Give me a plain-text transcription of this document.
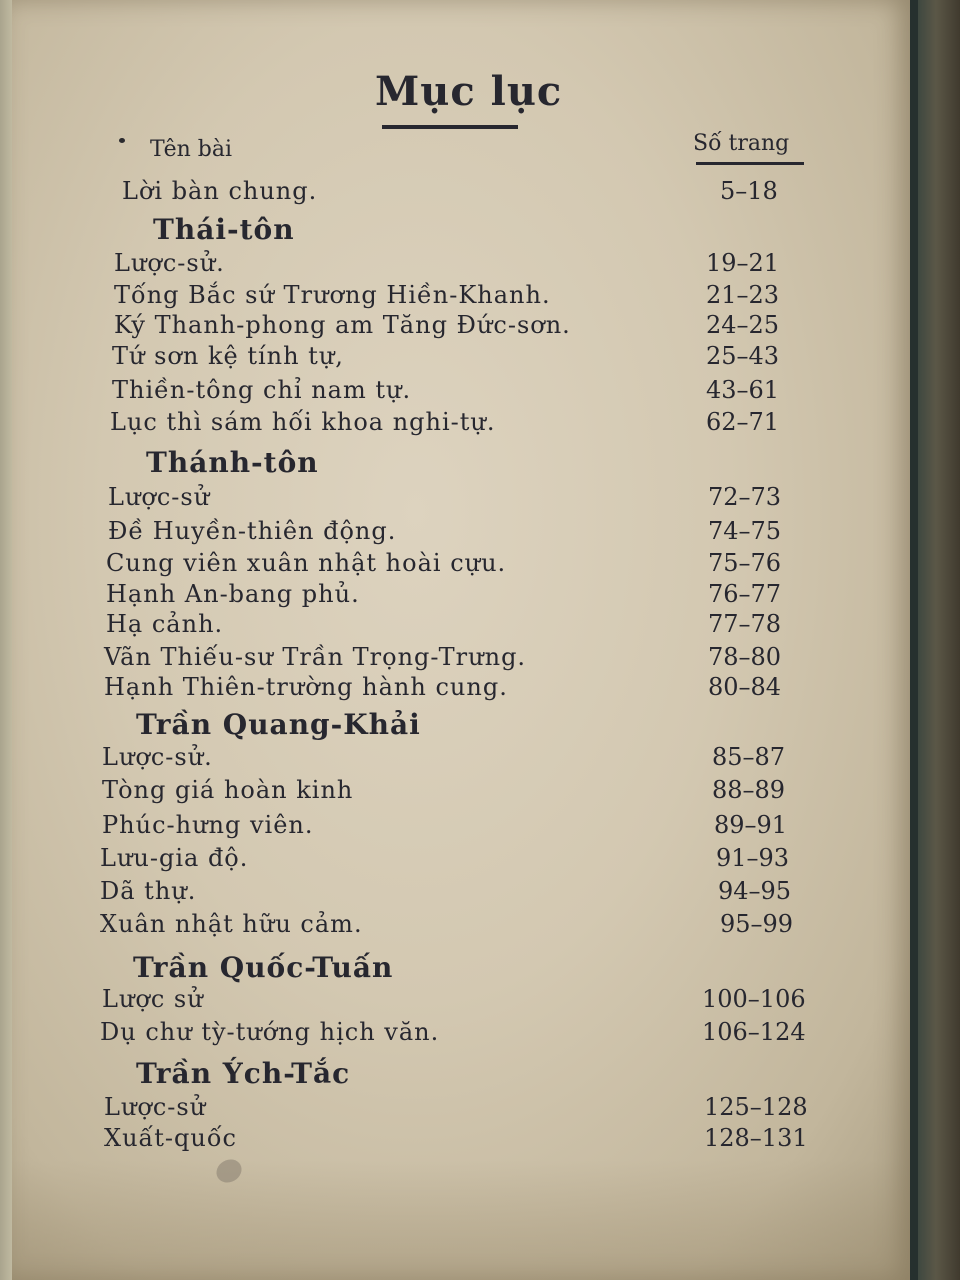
Mục lục
Tên bài	Số trang
Lời bàn chung.	5–18
Thái-tôn
Lược-sử.	19–21
Tống Bắc sứ Trương Hiền-Khanh.	21–23
Ký Thanh-phong am Tăng Đức-sơn.	24–25
Tứ sơn kệ tính tự,	25–43
Thiền-tông chỉ nam tự.	43–61
Lục thì sám hối khoa nghi-tự.	62–71
Thánh-tôn
Lược-sử	72–73
Đề Huyền-thiên động.	74–75
Cung viên xuân nhật hoài cựu.	75–76
Hạnh An-bang phủ.	76–77
Hạ cảnh.	77–78
Vãn Thiếu-sư Trần Trọng-Trưng.	78–80
Hạnh Thiên-trường hành cung.	80–84
Trần Quang-Khải
Lược-sử.	85–87
Tòng giá hoàn kinh	88–89
Phúc-hưng viên.	89–91
Lưu-gia độ.	91–93
Dã thự.	94–95
Xuân nhật hữu cảm.	95–99
Trần Quốc-Tuấn
Lược sử	100–106
Dụ chư tỳ-tướng hịch văn.	106–124
Trần Ých-Tắc
Lược-sử	125–128
Xuất-quốc	128–131
